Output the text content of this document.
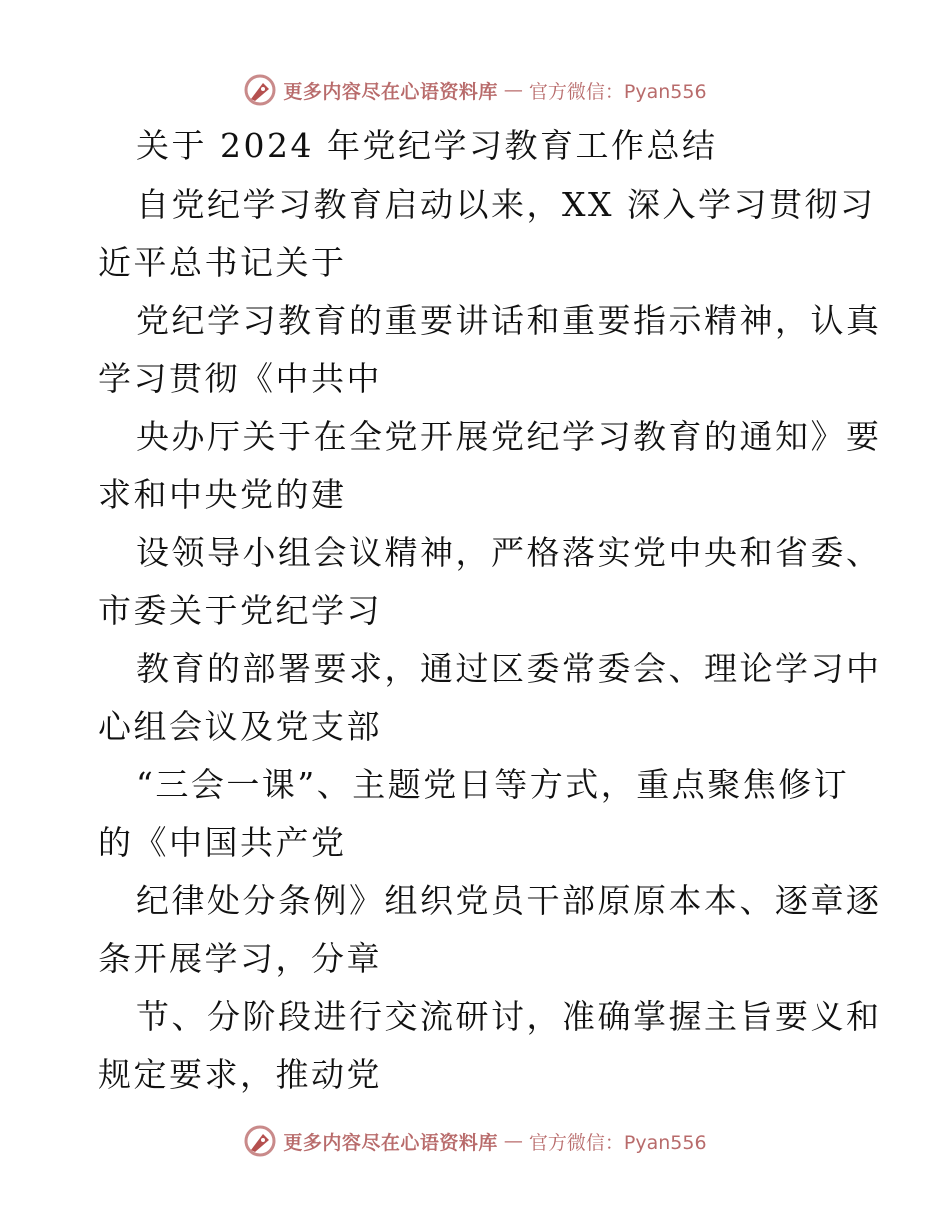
更多内容尽在心语资料库 — 官方微信：Pyan556
关于 2024 年党纪学习教育工作总结
自党纪学习教育启动以来，XX 深入学习贯彻习
近平总书记关于
党纪学习教育的重要讲话和重要指示精神，认真
学习贯彻《中共中
央办厅关于在全党开展党纪学习教育的通知》要
求和中央党的建
设领导小组会议精神，严格落实党中央和省委、
市委关于党纪学习
教育的部署要求，通过区委常委会、理论学习中
心组会议及党支部
“三会一课”、主题党日等方式，重点聚焦修订
的《中国共产党
纪律处分条例》组织党员干部原原本本、逐章逐
条开展学习，分章
节、分阶段进行交流研讨，准确掌握主旨要义和
规定要求，推动党
更多内容尽在心语资料库 — 官方微信：Pyan556
